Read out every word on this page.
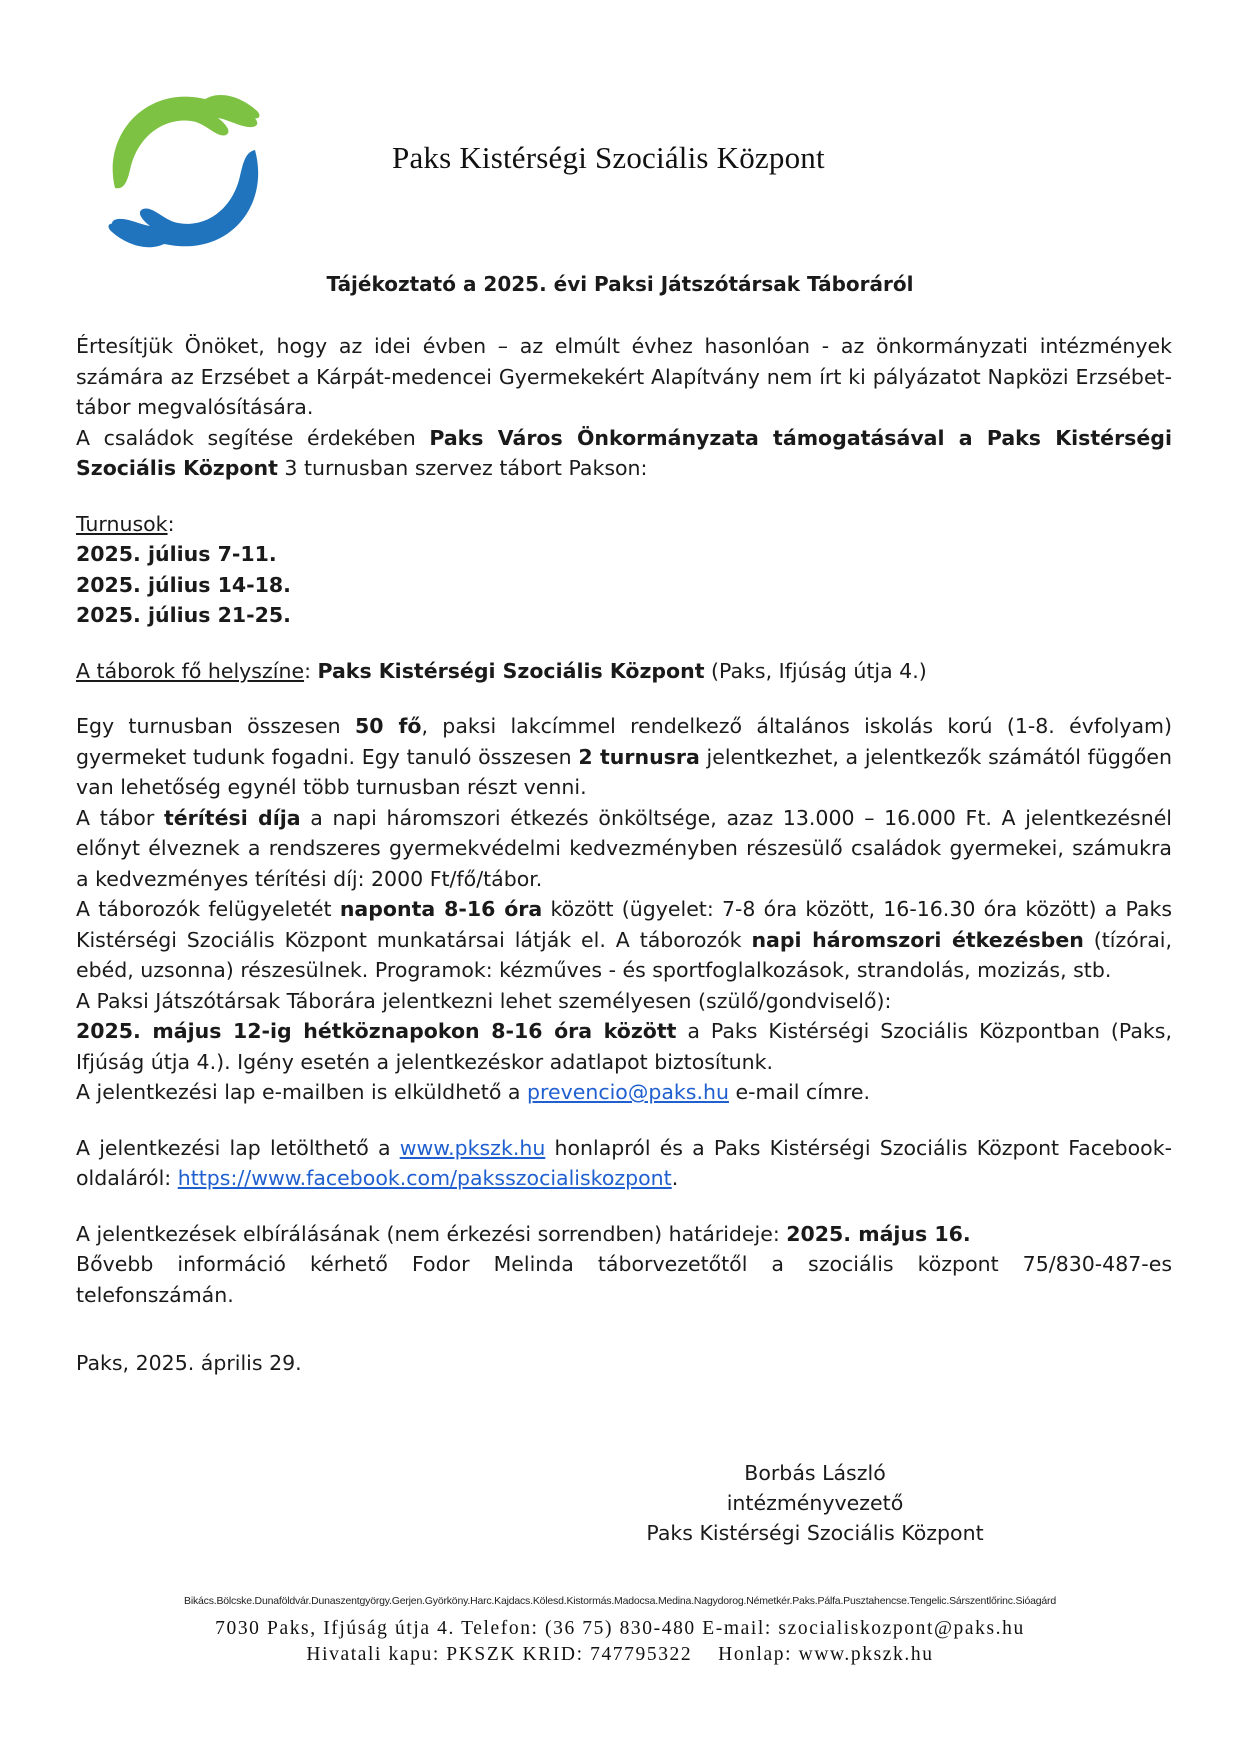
Paks Kistérségi Szociális Központ
Tájékoztató a 2025. évi Paksi Játszótársak Táboráról

Értesítjük Önöket, hogy az idei évben – az elmúlt évhez hasonlóan - az önkormányzati intézmények számára az Erzsébet a Kárpát-medencei Gyermekekért Alapítvány nem írt ki pályázatot Napközi Erzsébet-tábor megvalósítására.

A családok segítése érdekében Paks Város Önkormányzata támogatásával a Paks Kistérségi Szociális Központ 3 turnusban szervez tábort Pakson:

Turnusok:

2025. július 7-11.

2025. július 14-18.

2025. július 21-25.

A táborok fő helyszíne: Paks Kistérségi Szociális Központ (Paks, Ifjúság útja 4.)

Egy turnusban összesen 50 fő, paksi lakcímmel rendelkező általános iskolás korú (1-8. évfolyam) gyermeket tudunk fogadni. Egy tanuló összesen 2 turnusra jelentkezhet, a jelentkezők számától függően van lehetőség egynél több turnusban részt venni.

A tábor térítési díja a napi háromszori étkezés önköltsége, azaz 13.000 – 16.000 Ft. A jelentkezésnél előnyt élveznek a rendszeres gyermekvédelmi kedvezményben részesülő családok gyermekei, számukra a kedvezményes térítési díj: 2000 Ft/fő/tábor.

A táborozók felügyeletét naponta 8-16 óra között (ügyelet: 7-8 óra között, 16-16.30 óra között) a Paks Kistérségi Szociális Központ munkatársai látják el. A táborozók napi háromszori étkezésben (tízórai, ebéd, uzsonna) részesülnek. Programok: kézműves - és sportfoglalkozások, strandolás, mozizás, stb.

A Paksi Játszótársak Táborára jelentkezni lehet személyesen (szülő/gondviselő):

2025. május 12-ig hétköznapokon 8-16 óra között a Paks Kistérségi Szociális Központban (Paks, Ifjúság útja 4.). Igény esetén a jelentkezéskor adatlapot biztosítunk.

A jelentkezési lap e-mailben is elküldhető a prevencio@paks.hu e-mail címre.

A jelentkezési lap letölthető a www.pkszk.hu honlapról és a Paks Kistérségi Szociális Központ Facebook-oldaláról: https://www.facebook.com/paksszocialiskozpont.

A jelentkezések elbírálásának (nem érkezési sorrendben) határideje: 2025. május 16.

Bővebb információ kérhető Fodor Melinda táborvezetőtől a szociális központ 75/830-487-es telefonszámán.

Paks, 2025. április 29.

Borbás László
intézményvezető
Paks Kistérségi Szociális Központ
Bikács.Bölcske.Dunaföldvár.Dunaszentgyörgy.Gerjen.Györköny.Harc.Kajdacs.Kölesd.Kistormás.Madocsa.Medina.Nagydorog.Németkér.Paks.Pálfa.Pusztahencse.Tengelic.Sárszentlőrinc.Sióagárd
7030 Paks, Ifjúság útja 4. Telefon: (36 75) 830-480 E-mail: szocialiskozpont@paks.hu
Hivatali kapu: PKSZK KRID: 747795322    Honlap: www.pkszk.hu
